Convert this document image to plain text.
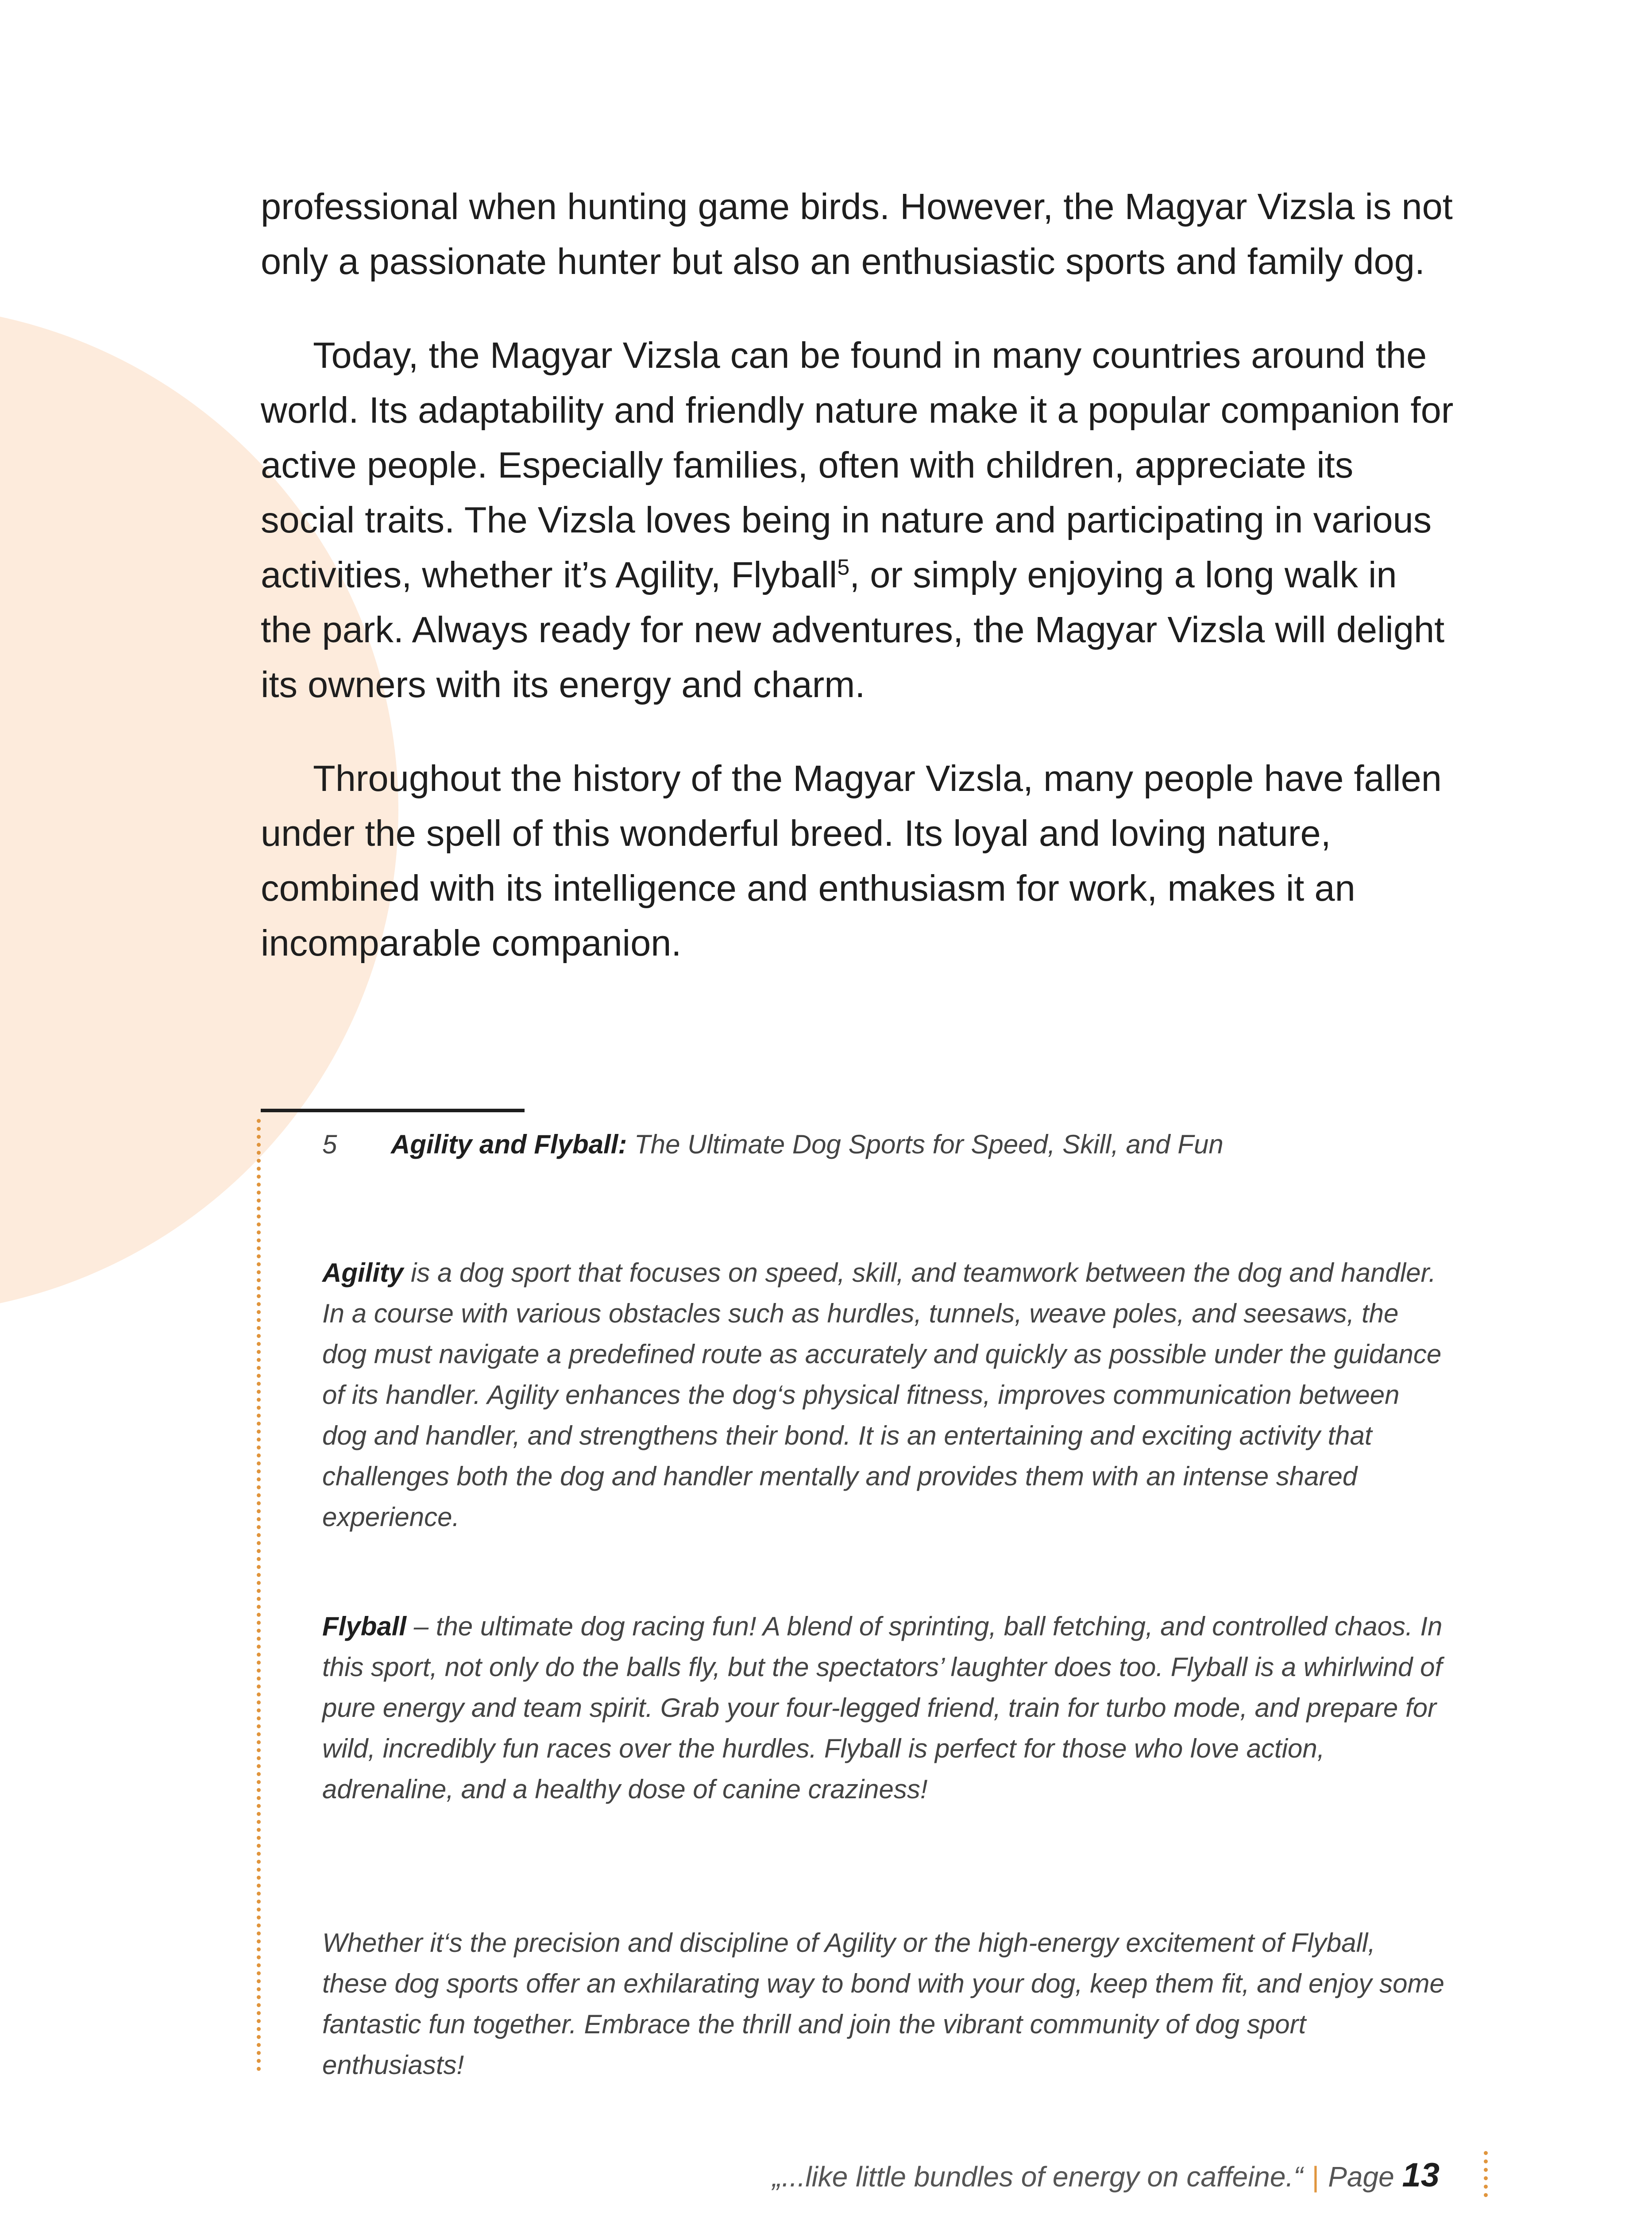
professional when hunting game birds. However, the Magyar Vizsla is not only a passionate hunter but also an enthusiastic sports and family dog.

Today, the Magyar Vizsla can be found in many countries around the world. Its adaptability and friendly nature make it a popular companion for active people. Especially families, often with children, appreciate its social traits. The Vizsla loves being in nature and participating in various activities, whether it’s Agility, Flyball$^5$, or simply enjoying a long walk in the park. Always ready for new adventures, the Magyar Vizsla will delight its owners with its energy and charm.

Throughout the history of the Magyar Vizsla, many people have fallen under the spell of this wonderful breed. Its loyal and loving nature, combined with its intelligence and enthusiasm for work, makes it an incomparable companion.

5 Agility and Flyball: The Ultimate Dog Sports for Speed, Skill, and Fun

Agility is a dog sport that focuses on speed, skill, and teamwork between the dog and handler. In a course with various obstacles such as hurdles, tunnels, weave poles, and seesaws, the dog must navigate a predefined route as accurately and quickly as possible under the guidance of its handler. Agility enhances the dog‘s physical fitness, improves communication between dog and handler, and strengthens their bond. It is an entertaining and exciting activity that challenges both the dog and handler mentally and provides them with an intense shared experience.

Flyball – the ultimate dog racing fun! A blend of sprinting, ball fetching, and controlled chaos. In this sport, not only do the balls fly, but the spectators’ laughter does too. Flyball is a whirlwind of pure energy and team spirit. Grab your four-legged friend, train for turbo mode, and prepare for wild, incredibly fun races over the hurdles. Flyball is perfect for those who love action, adrenaline, and a healthy dose of canine craziness!

Whether it‘s the precision and discipline of Agility or the high-energy excitement of Flyball, these dog sports offer an exhilarating way to bond with your dog, keep them fit, and enjoy some fantastic fun together. Embrace the thrill and join the vibrant community of dog sport enthusiasts!

„...like little bundles of energy on caffeine.“ | Page 13
